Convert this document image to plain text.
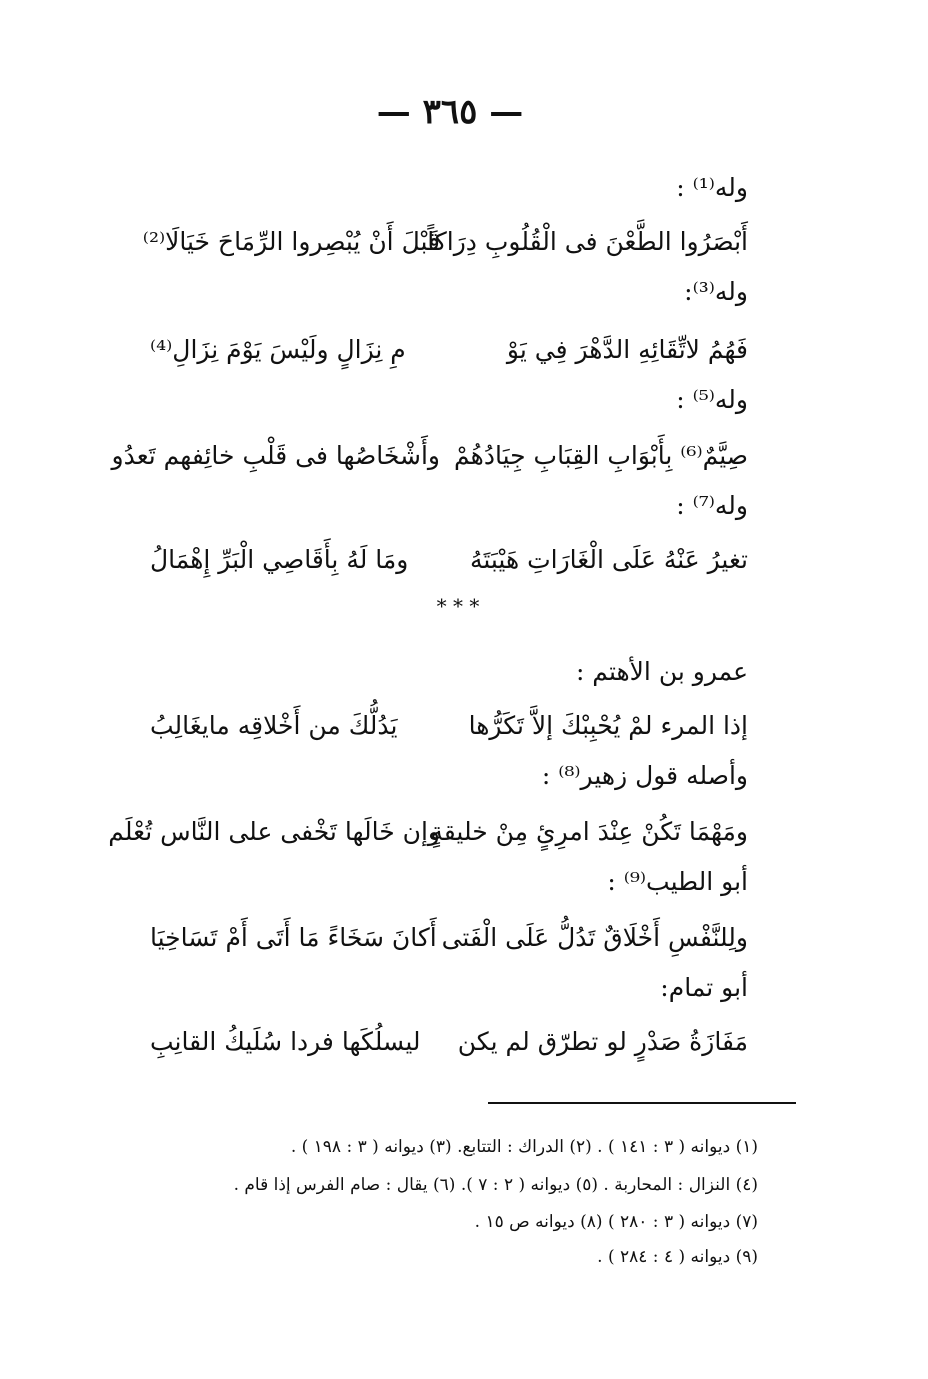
— ٣٦٥ —
وله⁽¹⁾ :
أَبْصَرُوا الطَّعْنَ فى الْقُلُوبِ دِرَاكاً
قَبْلَ أَنْ يُبْصِروا الرِّمَاحَ خَيَالَا⁽²⁾
وله⁽³⁾:
فَهُمُ لاتِّقَائِهِ الدَّهْرَ فِي يَوْ
مِ نِزَالٍ ولَيْسَ يَوْمَ نِزَالِ⁽⁴⁾
وله⁽⁵⁾ :
صِيَّمٌ⁽⁶⁾ بِأَبْوَابِ القِبَابِ جِيَادُهُمْ
وأَشْخَاصُها فى قَلْبِ خائِفهم تَعدُو
وله⁽⁷⁾ :
تغيرُ عَنْهُ عَلَى الْغَارَاتِ هَيْبَتَهُ
ومَا لَهُ بِأَقَاصِي الْبَرِّ إِهْمَالُ
* * *
عمرو بن الأهتم :
إذا المرء لمْ يُحْبِبْكَ إلاَّ تَكَرُّها
يَدُلُّكَ من أَخْلاقِه مايغَالِبُ
وأصله قول زهير⁽⁸⁾ :
ومَهْمَا تَكُنْ عِنْدَ امرِئٍ مِنْ خليقةٍ
وإن خَالَها تَخْفى على النَّاس تُعْلَم
أبو الطيب⁽⁹⁾ :
ولِلنَّفْسِ أَخْلَاقٌ تَدُلُّ عَلَى الْفَتى
أَكانَ سَخَاءً مَا أَتَى أَمْ تَسَاخِيَا
أبو تمام:
مَفَازَةُ صَدْرٍ لو تطرّق لم يكن
ليسلُكَها فردا سُلَيكُ القانِبِ
(١) ديوانه ( ٣ : ١٤١ ) . (٢) الدراك : التتابع. (٣) ديوانه ( ٣ : ١٩٨ ) .
(٤) النزال : المحاربة . (٥) ديوانه ( ٢ : ٧ ). (٦) يقال : صام الفرس إذا قام .
(٧) ديوانه ( ٣ : ٢٨٠ ) (٨) ديوانه ص ١٥ .
(٩) ديوانه ( ٤ : ٢٨٤ ) .
